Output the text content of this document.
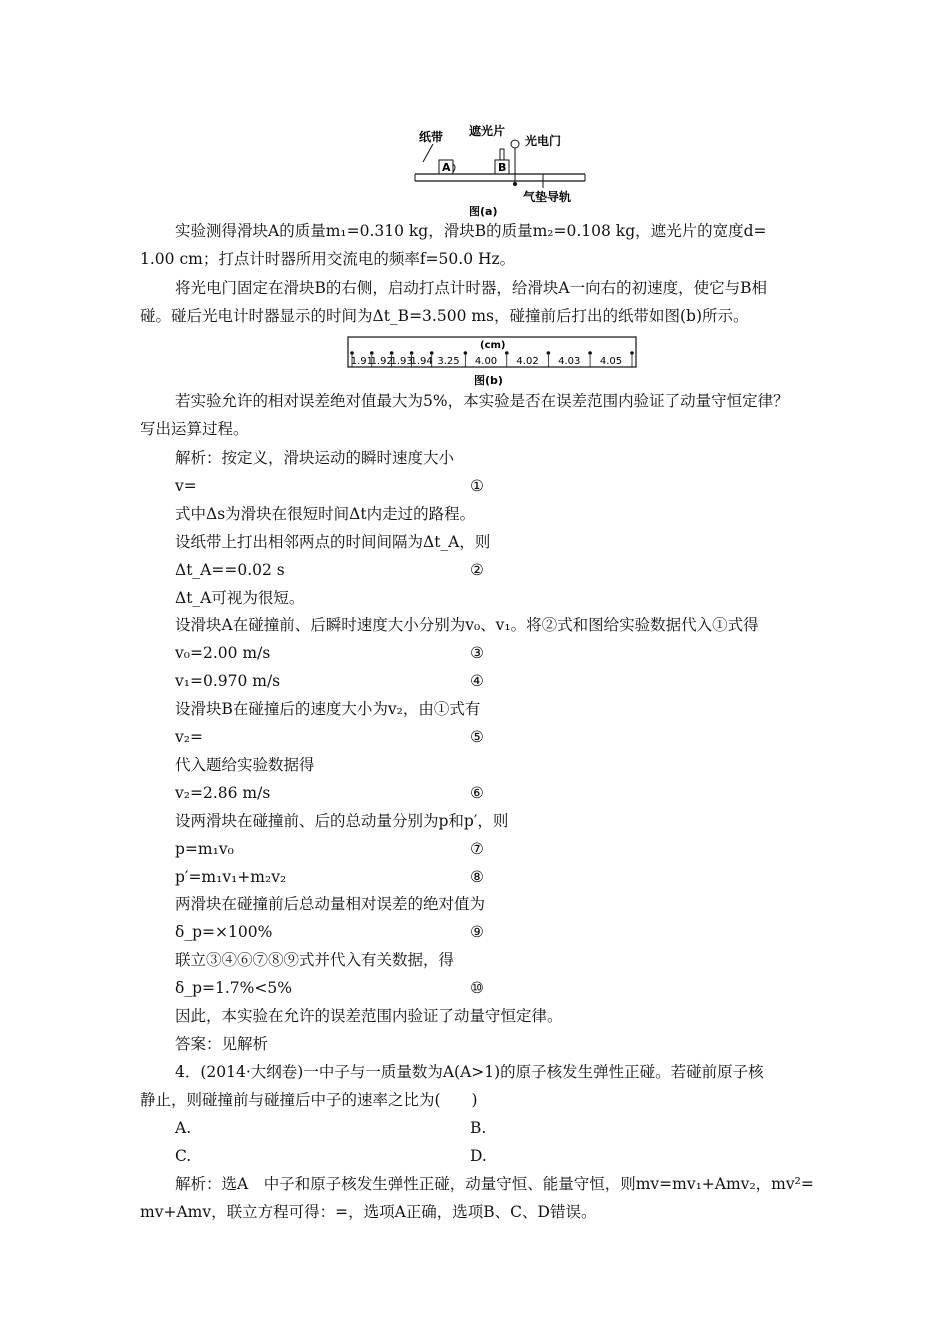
纸带 遮光片
光电门
A	B
气垫导轨
图(a)
实验测得滑块A的质量m₁=0.310 kg，滑块B的质量m₂=0.108 kg，遮光片的宽度d=
1.00 cm；打点计时器所用交流电的频率f=50.0 Hz。
将光电门固定在滑块B的右侧，启动打点计时器，给滑块A一向右的初速度，使它与B相
碰。碰后光电计时器显示的时间为Δt_B=3.500 ms，碰撞前后打出的纸带如图(b)所示。
(cm)
1.91
1.92
1.93
1.94 3.25 4.00 4.02 4.03 4.05
图(b)
若实验允许的相对误差绝对值最大为5%，本实验是否在误差范围内验证了动量守恒定律？
写出运算过程。
解析：按定义，滑块运动的瞬时速度大小
v=	①
式中Δs为滑块在很短时间Δt内走过的路程。
设纸带上打出相邻两点的时间间隔为Δt_A，则
Δt_A==0.02 s	②
Δt_A可视为很短。
设滑块A在碰撞前、后瞬时速度大小分别为v₀、v₁。将②式和图给实验数据代入①式得
v₀=2.00 m/s	③
v₁=0.970 m/s	④
设滑块B在碰撞后的速度大小为v₂，由①式有
v₂=	⑤
代入题给实验数据得
v₂=2.86 m/s	⑥
设两滑块在碰撞前、后的总动量分别为p和p′，则
p=m₁v₀	⑦
p′=m₁v₁+m₂v₂	⑧
两滑块在碰撞前后总动量相对误差的绝对值为
δ_p=×100%	⑨
联立③④⑥⑦⑧⑨式并代入有关数据，得
δ_p=1.7%<5%	⑩
因此，本实验在允许的误差范围内验证了动量守恒定律。
答案：见解析
4．(2014·大纲卷)一中子与一质量数为A(A>1)的原子核发生弹性正碰。若碰前原子核
静止，则碰撞前与碰撞后中子的速率之比为(　　)
A.	B.
C.	D.
解析：选A　中子和原子核发生弹性正碰，动量守恒、能量守恒，则mv=mv₁+Amv₂，mv²=
mv+Amv，联立方程可得：=，选项A正确，选项B、C、D错误。
